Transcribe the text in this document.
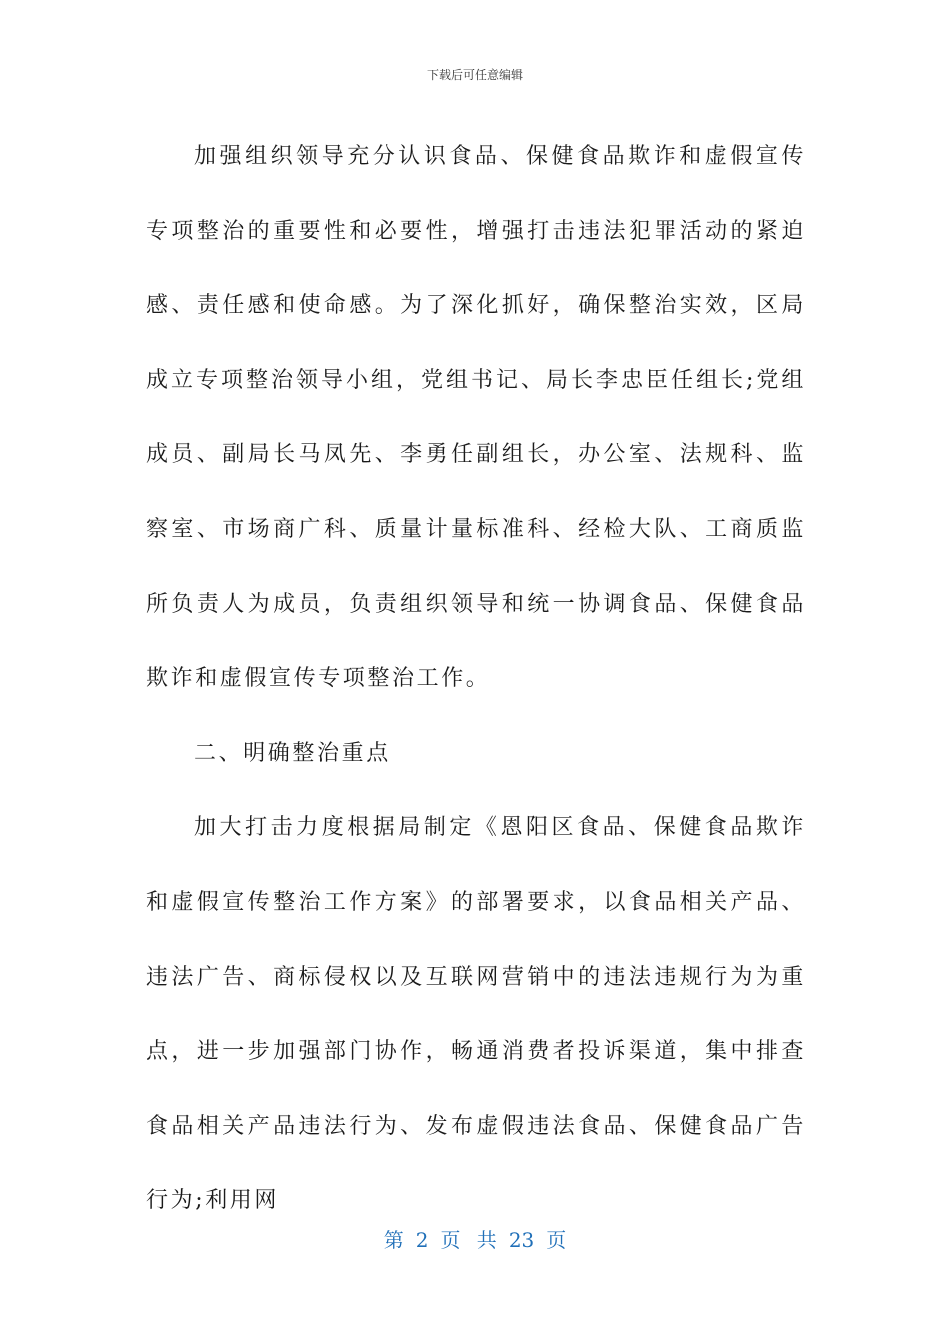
下载后可任意编辑

加强组织领导充分认识食品、保健食品欺诈和虚假宣传专项整治的重要性和必要性，增强打击违法犯罪活动的紧迫感、责任感和使命感。为了深化抓好，确保整治实效，区局成立专项整治领导小组，党组书记、局长李忠臣任组长;党组成员、副局长马凤先、李勇任副组长，办公室、法规科、监察室、市场商广科、质量计量标准科、经检大队、工商质监所负责人为成员，负责组织领导和统一协调食品、保健食品欺诈和虚假宣传专项整治工作。

二、明确整治重点

加大打击力度根据局制定《恩阳区食品、保健食品欺诈和虚假宣传整治工作方案》的部署要求，以食品相关产品、违法广告、商标侵权以及互联网营销中的违法违规行为为重点，进一步加强部门协作，畅通消费者投诉渠道，集中排查食品相关产品违法行为、发布虚假违法食品、保健食品广告行为;利用网

第 2 页 共 23 页
